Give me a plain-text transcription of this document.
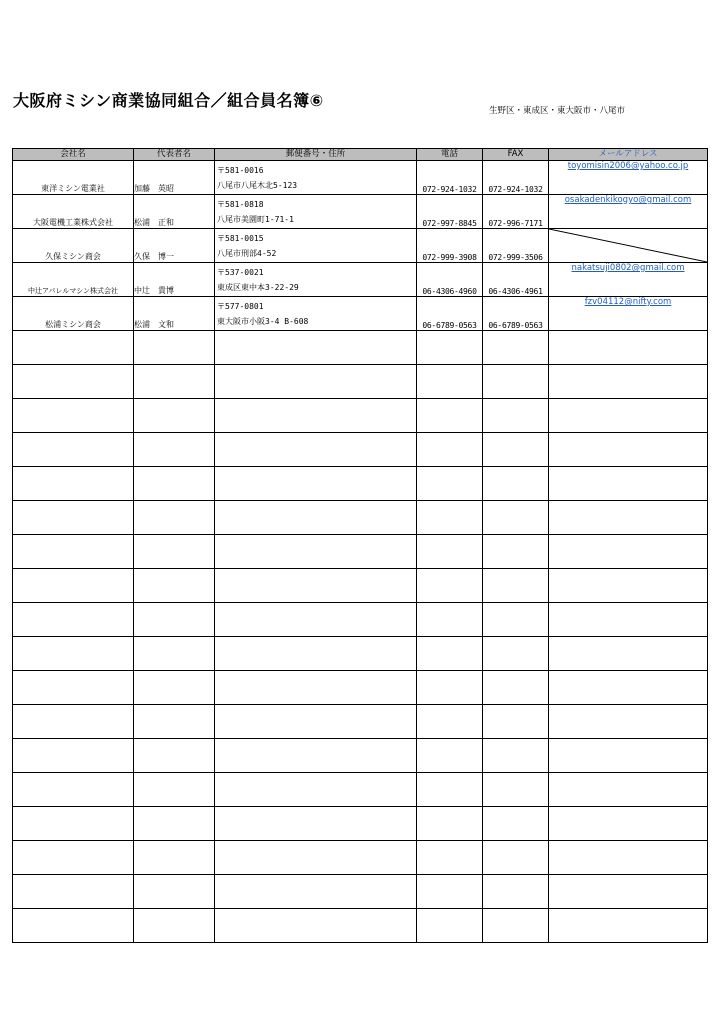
大阪府ミシン商業協同組合／組合員名簿⑥
生野区・東成区・東大阪市・八尾市
会社名	代表者名	郵便番号・住所	電話	FAX	メールアドレス
東洋ミシン電業社	加藤　英昭	〒581-0016
八尾市八尾木北5-123	072-924-1032	072-924-1032	toyomisin2006@yahoo.co.jp
大阪電機工業株式会社	松浦　正和	〒581-0818
八尾市美園町1-71-1	072-997-8845	072-996-7171	osakadenkikogyo@gmail.com
久保ミシン商会	久保　博一	〒581-0015
八尾市刑部4-52	072-999-3908	072-999-3506	

中辻アパレルマシン株式会社	中辻　貴博	〒537-0021
東成区東中本3-22-29	06-4306-4960	06-4306-4961	nakatsuji0802@gmail.com
松浦ミシン商会	松浦　文和	〒577-0801
東大阪市小阪3-4 B-608	06-6789-0563	06-6789-0563	fzv04112@nifty.com
